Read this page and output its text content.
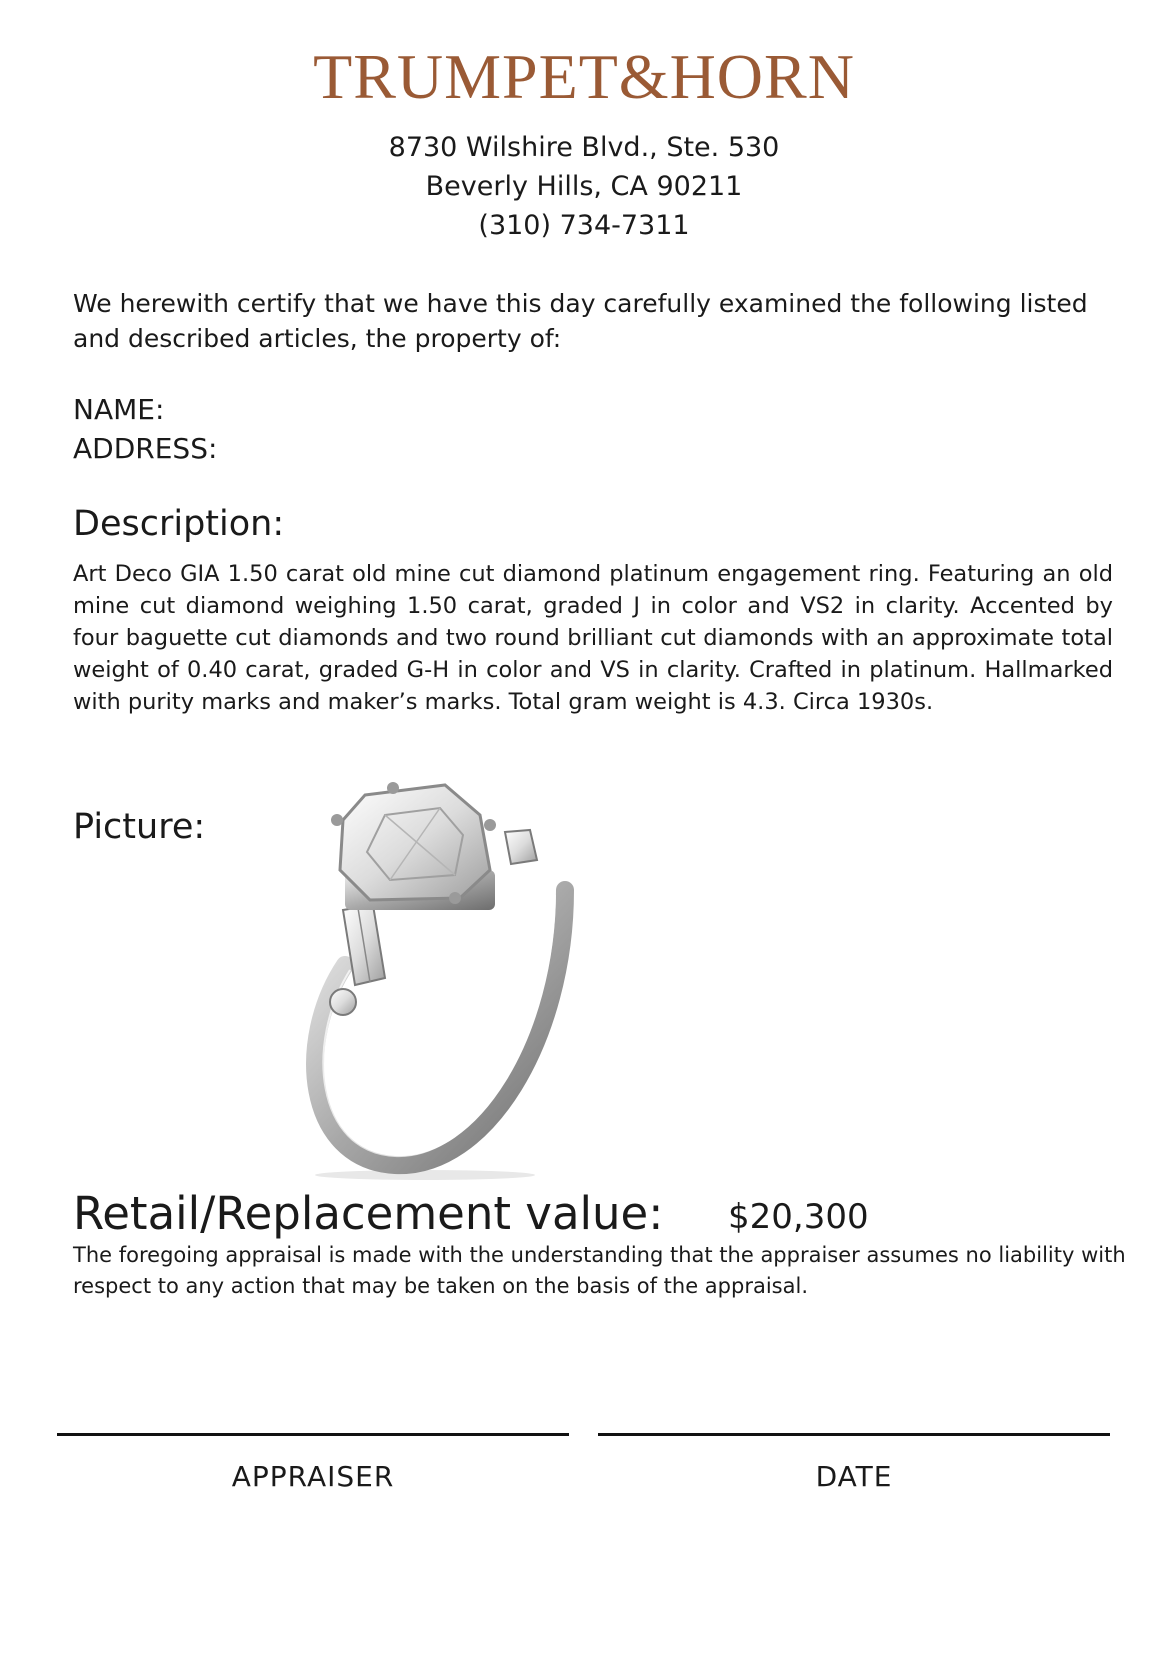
TRUMPET&HORN
8730 Wilshire Blvd., Ste. 530
Beverly Hills, CA 90211
(310) 734-7311
We herewith certify that we have this day carefully examined the following listed and described articles, the property of:
NAME:
ADDRESS:
Description:
Art Deco GIA 1.50 carat old mine cut diamond platinum engagement ring. Featuring an old mine cut diamond weighing 1.50 carat, graded J in color and VS2 in clarity. Accented by four baguette cut diamonds and two round brilliant cut diamonds with an approximate total weight of 0.40 carat, graded G-H in color and VS in clarity. Crafted in platinum. Hallmarked with purity marks and maker’s marks. Total gram weight is 4.3. Circa 1930s.
Picture:
Retail/Replacement value: $20,300
The foregoing appraisal is made with the understanding that the appraiser assumes no liability with respect to any action that may be taken on the basis of the appraisal.
APPRAISER	DATE
